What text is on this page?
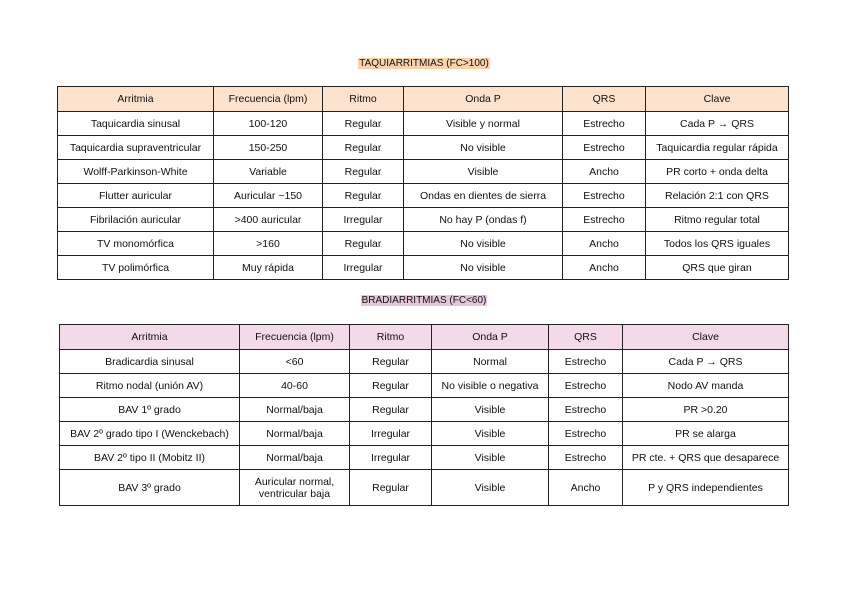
TAQUIARRITMIAS (FC>100)
Arritmia	Frecuencia (lpm)	Ritmo	Onda P	QRS	Clave
Taquicardia sinusal	100-120	Regular	Visible y normal	Estrecho	Cada P → QRS
Taquicardia supraventricular	150-250	Regular	No visible	Estrecho	Taquicardia regular rápida
Wolff-Parkinson-White	Variable	Regular	Visible	Ancho	PR corto + onda delta
Flutter auricular	Auricular ~150	Regular	Ondas en dientes de sierra	Estrecho	Relación 2:1 con QRS
Fibrilación auricular	>400 auricular	Irregular	No hay P (ondas f)	Estrecho	Ritmo regular total
TV monomórfica	>160	Regular	No visible	Ancho	Todos los QRS iguales
TV polimórfica	Muy rápida	Irregular	No visible	Ancho	QRS que giran
BRADIARRITMIAS (FC<60)
Arritmia	Frecuencia (lpm)	Ritmo	Onda P	QRS	Clave
Bradicardia sinusal	<60	Regular	Normal	Estrecho	Cada P → QRS
Ritmo nodal (unión AV)	40-60	Regular	No visible o negativa	Estrecho	Nodo AV manda
BAV 1º grado	Normal/baja	Regular	Visible	Estrecho	PR >0.20
BAV 2º grado tipo I (Wenckebach)	Normal/baja	Irregular	Visible	Estrecho	PR se alarga
BAV 2º tipo II (Mobitz II)	Normal/baja	Irregular	Visible	Estrecho	PR cte. + QRS que desaparece
BAV 3º grado	Auricular normal, ventricular baja	Regular	Visible	Ancho	P y QRS independientes
